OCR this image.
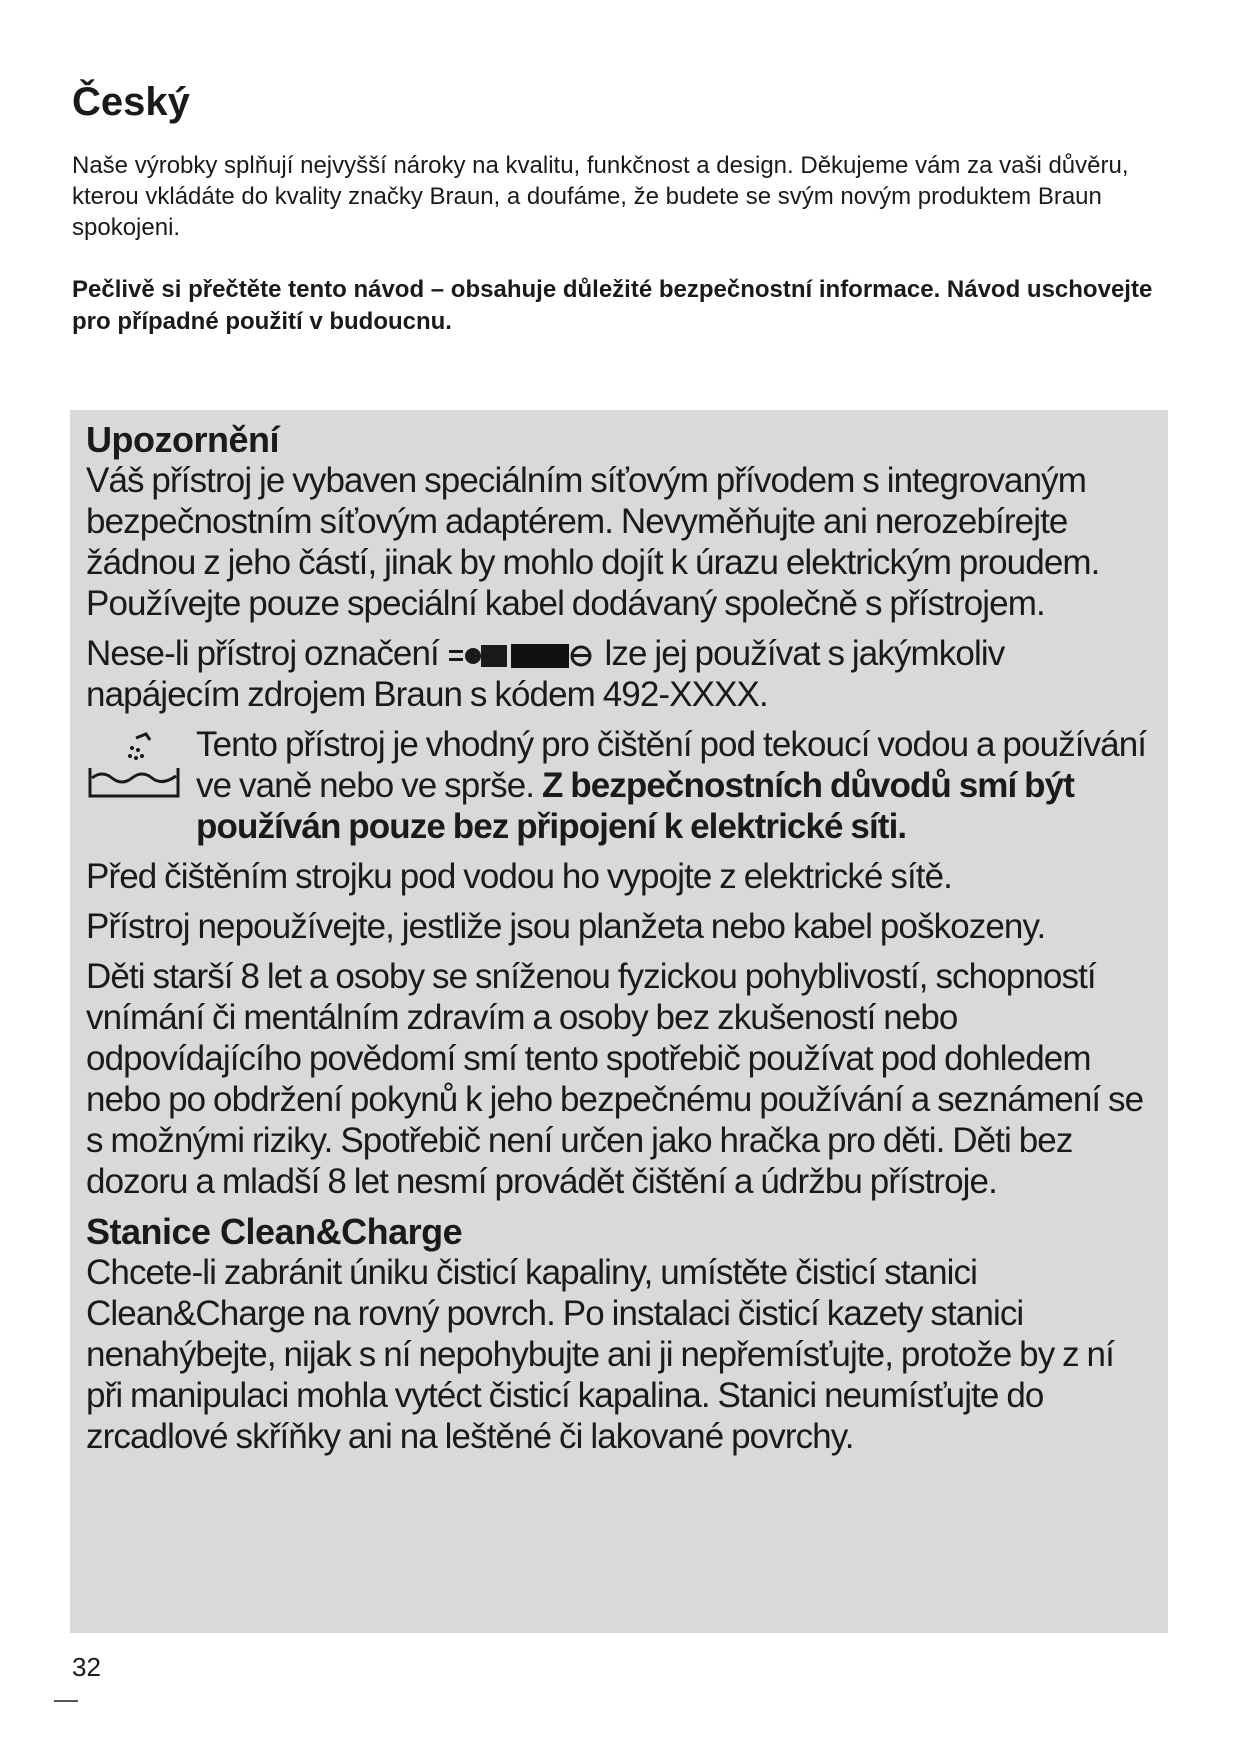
Český

Naše výrobky splňují nejvyšší nároky na kvalitu, funkčnost a design. Děkujeme vám za vaši důvěru, kterou vkládáte do kvality značky Braun, a doufáme, že budete se svým novým produktem Braun spokojeni.

Pečlivě si přečtěte tento návod – obsahuje důležité bezpečnostní informace. Návod uschovejte pro případné použití v budoucnu.

Upozornění

Váš přístroj je vybaven speciálním síťovým přívodem s integrovaným bezpečnostním síťovým adaptérem. Nevyměňujte ani nerozebírejte žádnou z jeho částí, jinak by mohlo dojít k úrazu elektrickým proudem. Používejte pouze speciální kabel dodávaný společně s přístrojem.

Nese-li přístroj označení	lze jej používat s jakýmkoliv napájecím zdrojem Braun s kódem 492-XXXX.

Tento přístroj je vhodný pro čištění pod tekoucí vodou a používání ve vaně nebo ve sprše. Z bezpečnostních důvodů smí být používán pouze bez připojení k elektrické síti.

Před čištěním strojku pod vodou ho vypojte z elektrické sítě.

Přístroj nepoužívejte, jestliže jsou planžeta nebo kabel poškozeny.

Děti starší 8 let a osoby se sníženou fyzickou pohyblivostí, schopností vnímání či mentálním zdravím a osoby bez zkušeností nebo odpovídajícího povědomí smí tento spotřebič používat pod dohledem nebo po obdržení pokynů k jeho bezpečnému používání a seznámení se s možnými riziky. Spotřebič není určen jako hračka pro děti. Děti bez dozoru a mladší 8 let nesmí provádět čištění a údržbu přístroje.

Stanice Clean&Charge

Chcete-li zabránit úniku čisticí kapaliny, umístěte čisticí stanici Clean&Charge na rovný povrch. Po instalaci čisticí kazety stanici nenahýbejte, nijak s ní nepohybujte ani ji nepřemísťujte, protože by z ní při manipulaci mohla vytéct čisticí kapalina. Stanici neumísťujte do zrcadlové skříňky ani na leštěné či lakované povrchy.

32
